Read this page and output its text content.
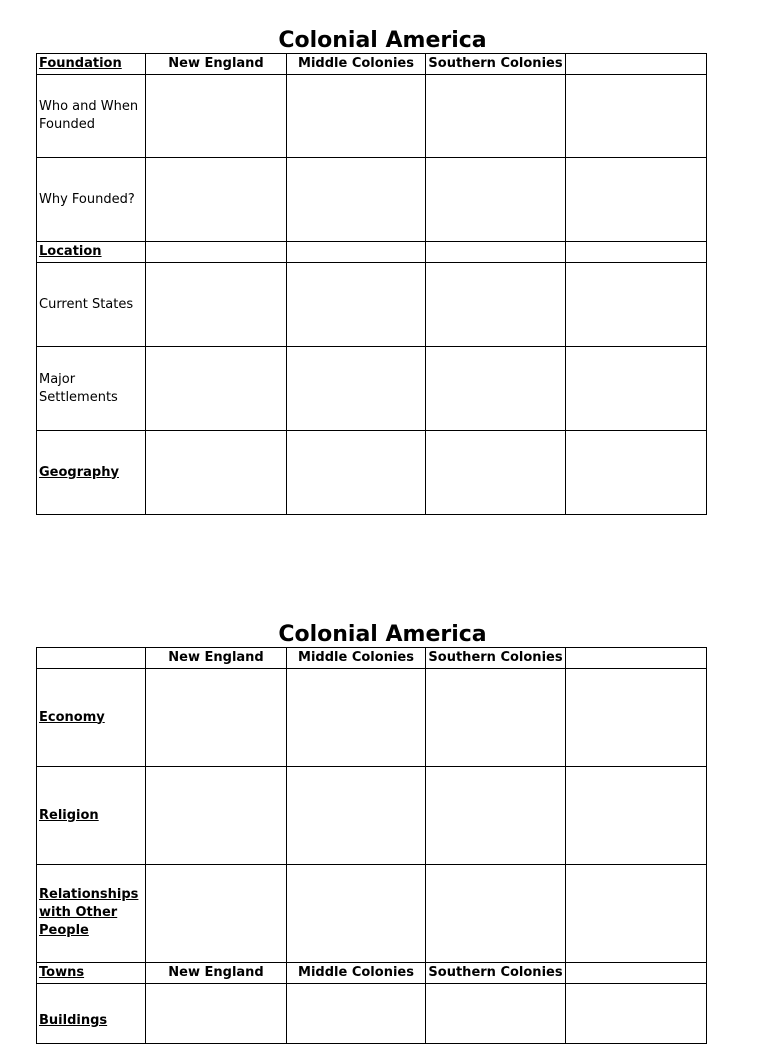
Colonial America
Foundation	New England	Middle Colonies	Southern Colonies	
Who and When Founded				
Why Founded?				
Location				
Current States				
Major Settlements				
Geography				
Colonial America
	New England	Middle Colonies	Southern Colonies	
Economy				
Religion				
Relationships with Other People				
Towns	New England	Middle Colonies	Southern Colonies	

Buildings				
